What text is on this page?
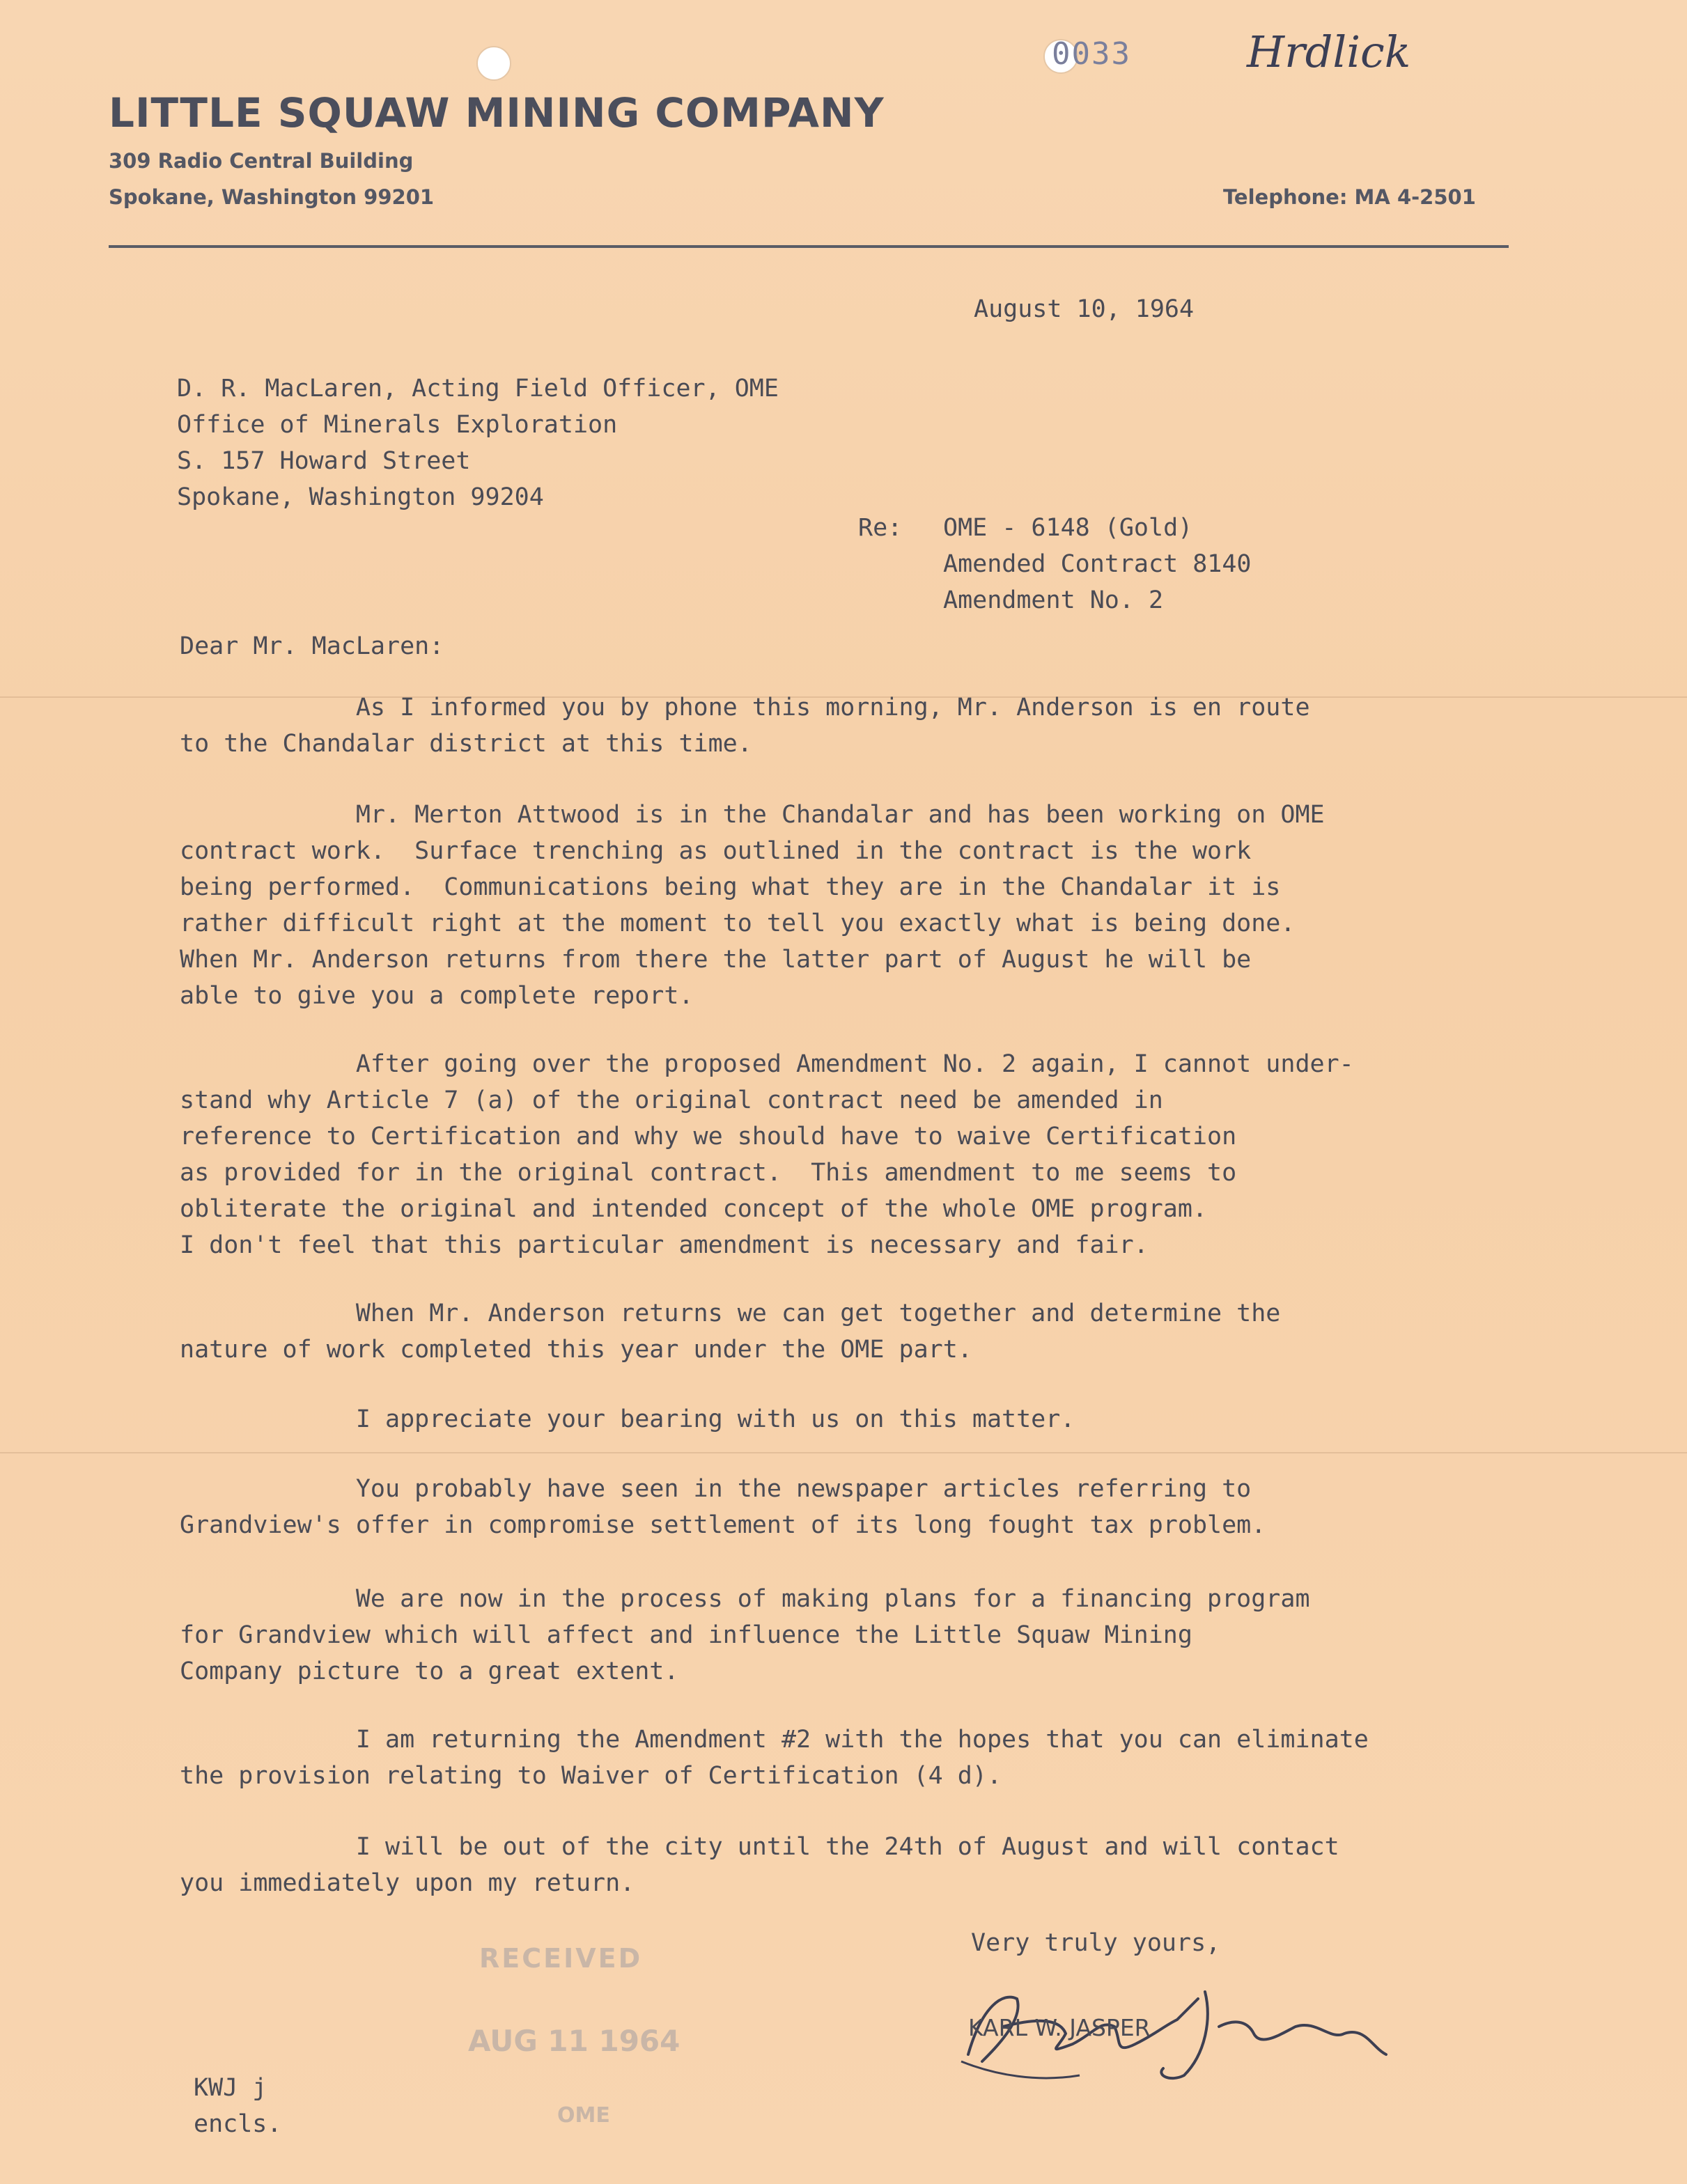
LITTLE SQUAW MINING COMPANY
309 Radio Central Building
Spokane, Washington 99201	Telephone: MA 4-2501
0033	Hrdlick
August 10, 1964
D. R. MacLaren, Acting Field Officer, OME
Office of Minerals Exploration
S. 157 Howard Street
Spokane, Washington 99204
Re: OME - 6148 (Gold)
Amended Contract 8140
Amendment No. 2
Dear Mr. MacLaren:
As I informed you by phone this morning, Mr. Anderson is en route
to the Chandalar district at this time.
Mr. Merton Attwood is in the Chandalar and has been working on OME
contract work.  Surface trenching as outlined in the contract is the work
being performed.  Communications being what they are in the Chandalar it is
rather difficult right at the moment to tell you exactly what is being done.
When Mr. Anderson returns from there the latter part of August he will be
able to give you a complete report.
After going over the proposed Amendment No. 2 again, I cannot under-
stand why Article 7 (a) of the original contract need be amended in
reference to Certification and why we should have to waive Certification
as provided for in the original contract.  This amendment to me seems to
obliterate the original and intended concept of the whole OME program.
I don't feel that this particular amendment is necessary and fair.
When Mr. Anderson returns we can get together and determine the
nature of work completed this year under the OME part.
I appreciate your bearing with us on this matter.
You probably have seen in the newspaper articles referring to
Grandview's offer in compromise settlement of its long fought tax problem.
We are now in the process of making plans for a financing program
for Grandview which will affect and influence the Little Squaw Mining
Company picture to a great extent.
I am returning the Amendment #2 with the hopes that you can eliminate
the provision relating to Waiver of Certification (4 d).
I will be out of the city until the 24th of August and will contact
you immediately upon my return.
Very truly yours,
KARL W. JASPER
RECEIVED
AUG 11 1964
OME
KWJ j
encls.
